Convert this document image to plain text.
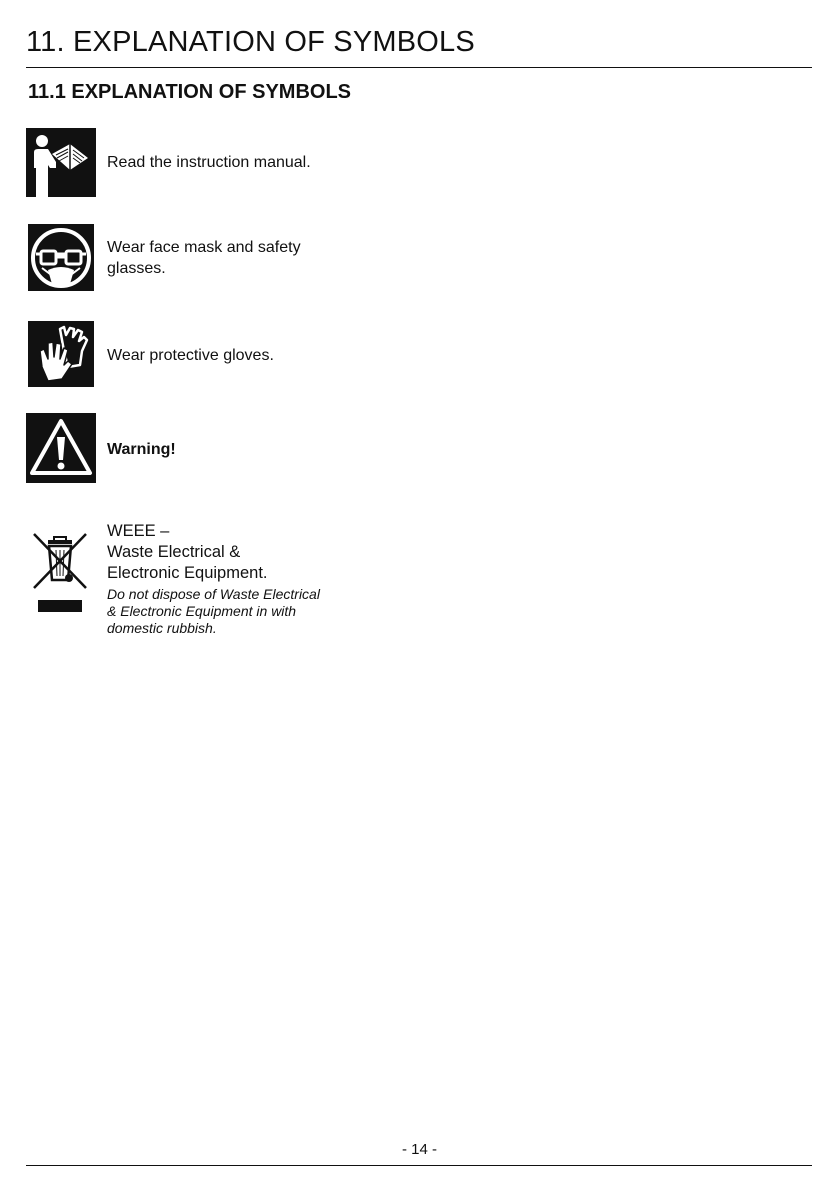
11. EXPLANATION OF SYMBOLS
11.1 EXPLANATION OF SYMBOLS
Read the instruction manual.
Wear face mask and safety
glasses.
Wear protective gloves.
Warning!
WEEE –
Waste Electrical &
Electronic Equipment.
Do not dispose of Waste Electrical
& Electronic Equipment in with
domestic rubbish.
- 14 -
